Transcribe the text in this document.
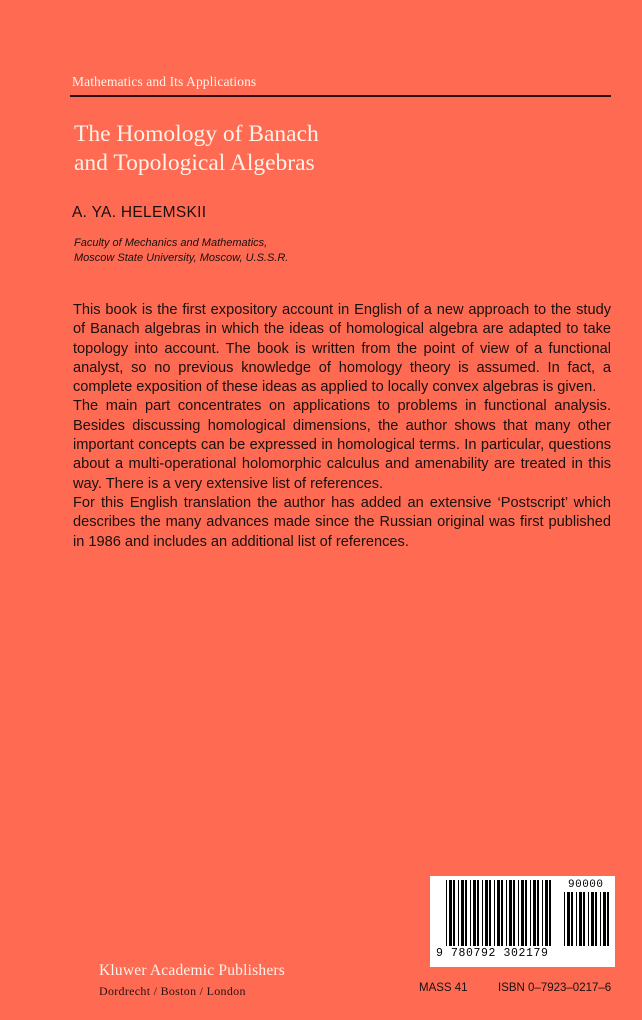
Mathematics and Its Applications
The Homology of Banach
and Topological Algebras
A. YA. HELEMSKII
Faculty of Mechanics and Mathematics,
Moscow State University, Moscow, U.S.S.R.

This book is the first expository account in English of a new approach to the study of Banach algebras in which the ideas of homological algebra are adapted to take topology into account. The book is written from the point of view of a functional analyst, so no previous knowledge of homology theory is assumed. In fact, a complete exposition of these ideas as applied to locally convex algebras is given.

The main part concentrates on applications to problems in functional analysis. Besides discussing homological dimensions, the author shows that many other important concepts can be expressed in homological terms. In particular, questions about a multi-operational holomorphic calculus and amenability are treated in this way. There is a very extensive list of references.

For this English translation the author has added an extensive ‘Postscript’ which describes the many advances made since the Russian original was first published in 1986 and includes an additional list of references.

9 780792 302179
90000
Kluwer Academic Publishers
Dordrecht / Boston / London	MASS 41	ISBN 0–7923–0217–6
